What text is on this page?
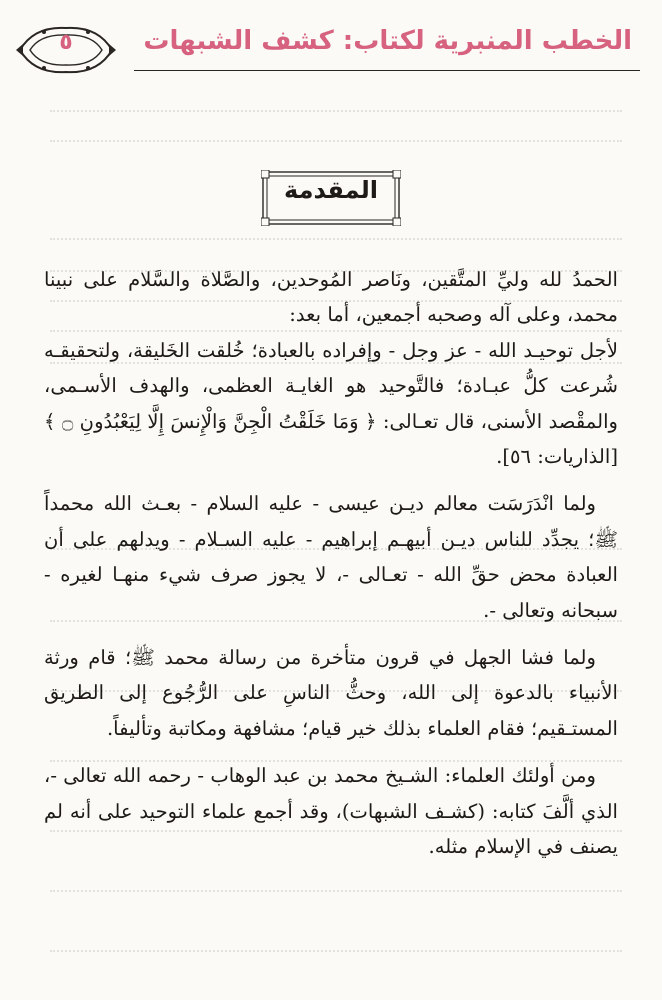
الخطب المنبرية لكتاب: كشف الشبهات
٥
المقدمة

الحمدُ لله وليِّ المتَّقين، ونَاصر المُوحدين، والصَّلاة والسَّلام على نبينا محمد، وعلى آله وصحبه أجمعين، أما بعد:

لأجل توحيـد الله - عز وجل - وإفراده بالعبادة؛ خُلقت الخَليقة، ولتحقيقـه شُرعت كلُّ عبـادة؛ فالتَّوحيد هو الغايـة العظمى، والهدف الأسـمى، والمقْصد الأسنى، قال تعـالى: ﴿ وَمَا خَلَقْتُ الْجِنَّ وَالْإِنسَ إِلَّا لِيَعْبُدُونِ ۝ ﴾ [الذاريات: ٥٦].

ولما انْدَرَسَت معالم ديـن عيسى - عليه السلام - بعـث الله محمداً ﷺ؛ يجدِّد للناس ديـن أبيهـم إبراهيم - عليه السـلام - ويدلهم على أن العبادة محض حقِّ الله - تعـالى -، لا يجوز صرف شيء منهـا لغيره - سبحانه وتعالى -.

ولما فشا الجهل في قرون متأخرة من رسالة محمد ﷺ؛ قام ورثة الأنبياء بالدعوة إلى الله، وحثُّ الناسِ على الرُّجُوع إلى الطريق المستـقيم؛ فقام العلماء بذلك خير قيام؛ مشافهة ومكاتبة وتأليفاً.

ومن أولئك العلماء: الشـيخ محمد بن عبد الوهاب - رحمه الله تعالى -، الذي ألَّفَ كتابه: (كشـف الشبهات)، وقد أجمع علماء التوحيد على أنه لم يصنف في الإسلام مثله.
